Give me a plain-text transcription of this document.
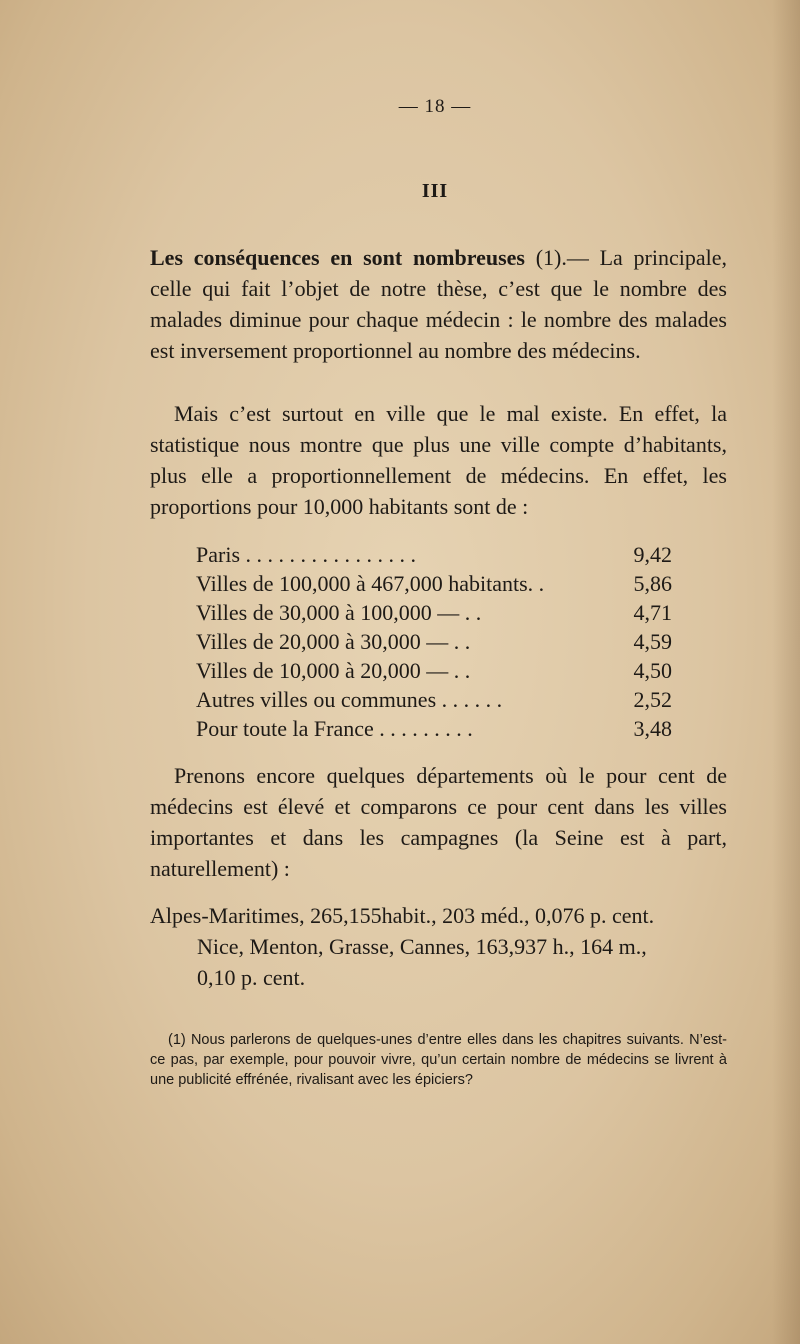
— 18 —
III
Les conséquences en sont nombreuses (1).— La principale, celle qui fait l’objet de notre thèse, c’est que le nombre des malades diminue pour chaque médecin : le nombre des malades est inversement proportionnel au nombre des médecins.
Mais c’est surtout en ville que le mal existe. En effet, la statistique nous montre que plus une ville compte d’habitants, plus elle a proportionnellement de médecins. En effet, les proportions pour 10,000 habitants sont de :
Paris . . . . . . . . . . . . . . . .	9,42
Villes de 100,000 à 467,000 habitants. .	5,86
Villes de 30,000 à 100,000 — . .	4,71
Villes de 20,000 à 30,000 — . .	4,59
Villes de 10,000 à 20,000 — . .	4,50
Autres villes ou communes . . . . . .	2,52
Pour toute la France . . . . . . . . .	3,48
Prenons encore quelques départements où le pour cent de médecins est élevé et comparons ce pour cent dans les villes importantes et dans les campagnes (la Seine est à part, naturellement) :
Alpes-Maritimes, 265,155habit., 203 méd., 0,076 p. cent.
Nice, Menton, Grasse, Cannes, 163,937 h., 164 m.,
0,10 p. cent.
(1) Nous parlerons de quelques-unes d’entre elles dans les chapitres suivants. N’est-ce pas, par exemple, pour pouvoir vivre, qu’un certain nombre de médecins se livrent à une publicité effrénée, rivalisant avec les épiciers?
